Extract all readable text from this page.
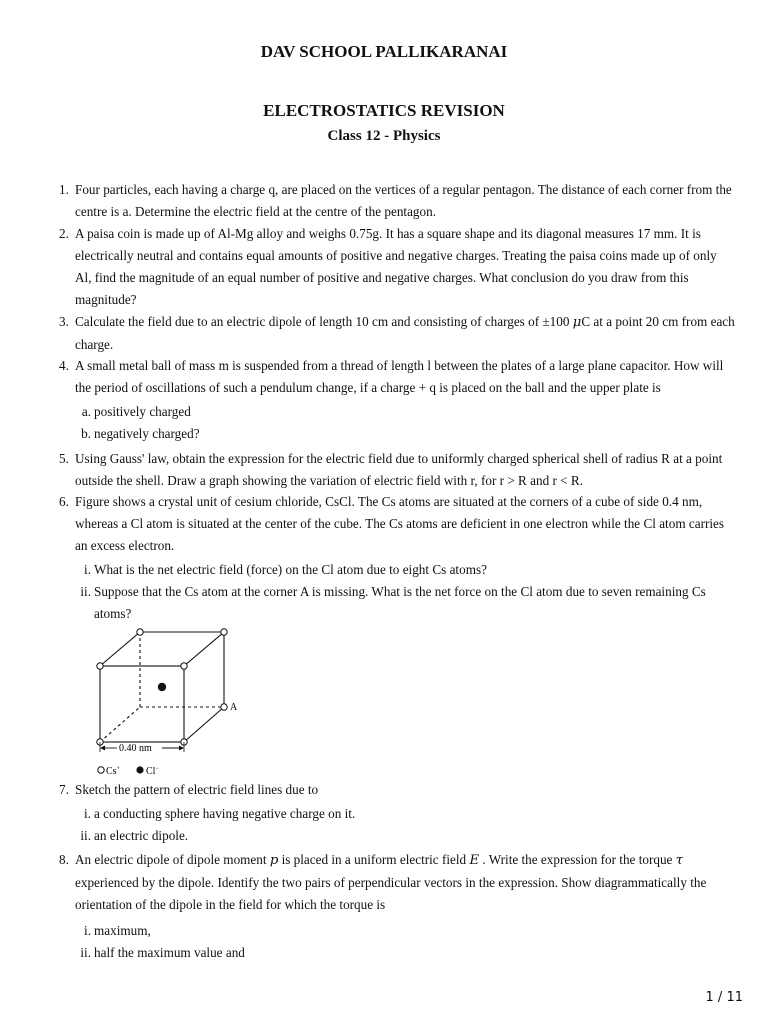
DAV SCHOOL PALLIKARANAI
ELECTROSTATICS REVISION
Class 12 - Physics
1. Four particles, each having a charge q, are placed on the vertices of a regular pentagon. The distance of each corner from the centre is a. Determine the electric field at the centre of the pentagon.
2. A paisa coin is made up of Al-Mg alloy and weighs 0.75g. It has a square shape and its diagonal measures 17 mm. It is electrically neutral and contains equal amounts of positive and negative charges. Treating the paisa coins made up of only Al, find the magnitude of an equal number of positive and negative charges. What conclusion do you draw from this magnitude?
3. Calculate the field due to an electric dipole of length 10 cm and consisting of charges of ±100 μC at a point 20 cm from each charge.
4. A small metal ball of mass m is suspended from a thread of length l between the plates of a large plane capacitor. How will the period of oscillations of such a pendulum change, if a charge + q is placed on the ball and the upper plate is
a. positively charged
b. negatively charged?
5. Using Gauss' law, obtain the expression for the electric field due to uniformly charged spherical shell of radius R at a point outside the shell. Draw a graph showing the variation of electric field with r, for r > R and r < R.
6. Figure shows a crystal unit of cesium chloride, CsCl. The Cs atoms are situated at the corners of a cube of side 0.4 nm, whereas a Cl atom is situated at the center of the cube. The Cs atoms are deficient in one electron while the Cl atom carries an excess electron.
i. What is the net electric field (force) on the Cl atom due to eight Cs atoms?
ii. Suppose that the Cs atom at the corner A is missing. What is the net force on the Cl atom due to seven remaining Cs atoms?
A
0.40 nm
Cs+	Cl−
7. Sketch the pattern of electric field lines due to
i. a conducting sphere having negative charge on it.
ii. an electric dipole.
8. An electric dipole of dipole moment p is placed in a uniform electric field E . Write the expression for the torque τ experienced by the dipole. Identify the two pairs of perpendicular vectors in the expression. Show diagrammatically the orientation of the dipole in the field for which the torque is
i. maximum,
ii. half the maximum value and
1 / 11
